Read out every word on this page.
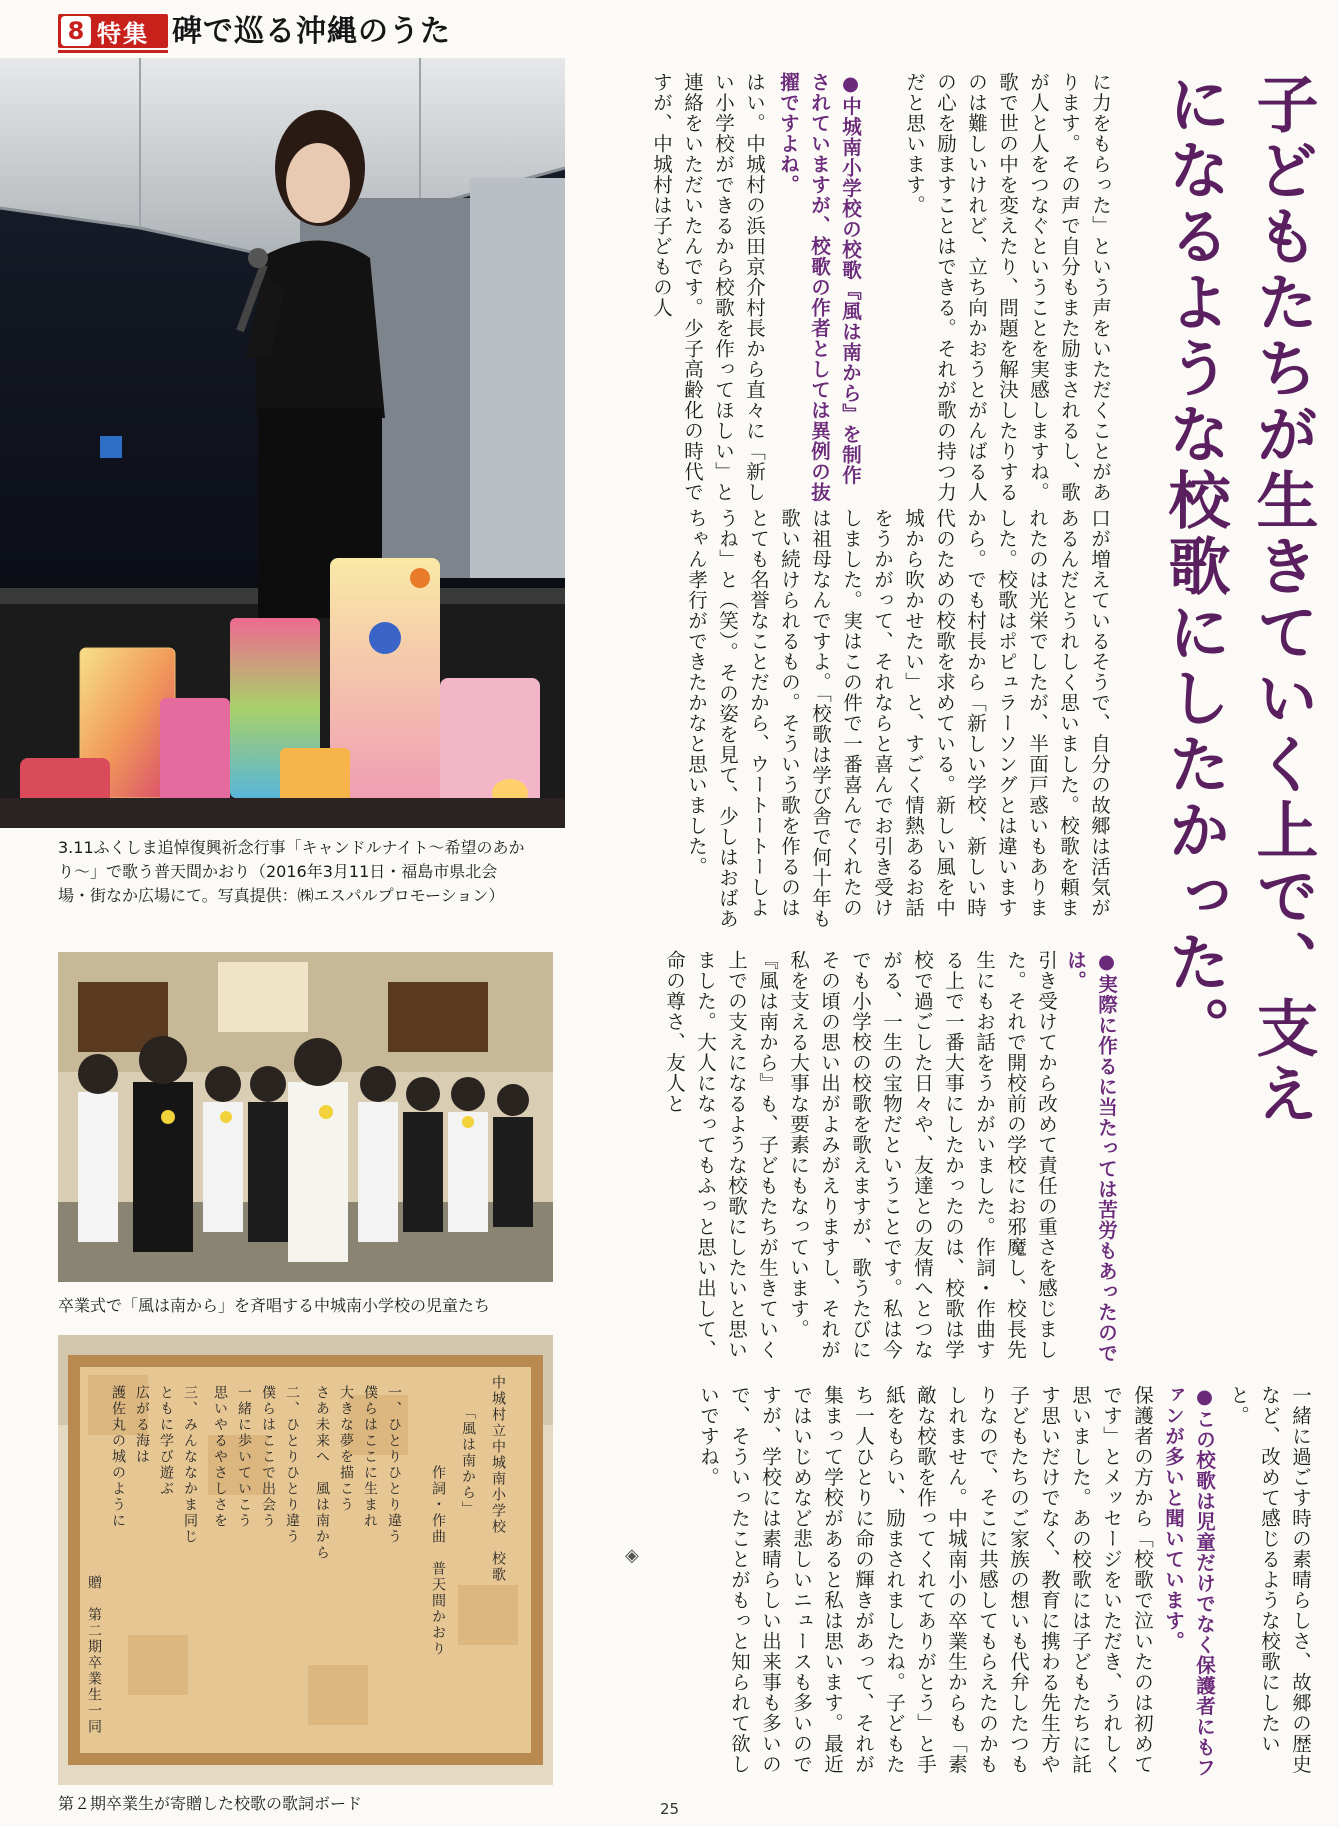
8 特集 碑で巡る沖縄のうた
3.11ふくしま追悼復興祈念行事「キャンドルナイト〜希望のあかり〜」で歌う普天間かおり（2016年3月11日・福島市県北会場・街なか広場にて。写真提供：㈱エスパルプロモーション）
卒業式で「風は南から」を斉唱する中城南小学校の児童たち
中城村立中城南小学校　校歌
「風は南から」
作詞・作曲　普天間かおり
一、ひとりひとり違う
僕らはここに生まれ
大きな夢を描こう
さあ未来へ　風は南から
二、ひとりひとり違う
僕らはここで出会う
一緒に歩いていこう
思いやるやさしさを
三、みんななかま同じ
ともに学び遊ぶ
広がる海は
護佐丸の城のように
贈　第二期卒業生一同
第２期卒業生が寄贈した校歌の歌詞ボード
子どもたちが生きていく上で、支えになるような校歌にしたかった。
に力をもらった」という声をいただくことがあります。その声で自分もまた励まされるし、歌が人と人をつなぐということを実感しますね。歌で世の中を変えたり、問題を解決したりするのは難しいけれど、立ち向かおうとがんばる人の心を励ますことはできる。それが歌の持つ力だと思います。
●中城南小学校の校歌『風は南から』を制作されていますが、校歌の作者としては異例の抜擢ですよね。
はい。中城村の浜田京介村長から直々に「新しい小学校ができるから校歌を作ってほしい」と連絡をいただいたんです。少子高齢化の時代ですが、中城村は子どもの人
口が増えているそうで、自分の故郷は活気があるんだとうれしく思いました。校歌を頼まれたのは光栄でしたが、半面戸惑いもありました。校歌はポピュラーソングとは違いますから。でも村長から「新しい学校、新しい時代のための校歌を求めている。新しい風を中城から吹かせたい」と、すごく情熱あるお話をうかがって、それならと喜んでお引き受けしました。実はこの件で一番喜んでくれたのは祖母なんですよ。「校歌は学び舎で何十年も歌い続けられるもの。そういう歌を作るのはとても名誉なことだから、ウートートーしようね」と（笑）。その姿を見て、少しはおばあちゃん孝行ができたかなと思いました。
●実際に作るに当たっては苦労もあったのでは。
引き受けてから改めて責任の重さを感じました。それで開校前の学校にお邪魔し、校長先生にもお話をうかがいました。作詞・作曲する上で一番大事にしたかったのは、校歌は学校で過ごした日々や、友達との友情へとつながる、一生の宝物だということです。私は今でも小学校の校歌を歌えますが、歌うたびにその頃の思い出がよみがえりますし、それが私を支える大事な要素にもなっています。『風は南から』も、子どもたちが生きていく上での支えになるような校歌にしたいと思いました。大人になってもふっと思い出して、命の尊さ、友人と
一緒に過ごす時の素晴らしさ、故郷の歴史など、改めて感じるような校歌にしたいと。
●この校歌は児童だけでなく保護者にもファンが多いと聞いています。
保護者の方から「校歌で泣いたのは初めてです」とメッセージをいただき、うれしく思いました。あの校歌には子どもたちに託す思いだけでなく、教育に携わる先生方や子どもたちのご家族の想いも代弁したつもりなので、そこに共感してもらえたのかもしれません。中城南小の卒業生からも「素敵な校歌を作ってくれてありがとう」と手紙をもらい、励まされましたね。子どもたち一人ひとりに命の輝きがあって、それが集まって学校があると私は思います。最近ではいじめなど悲しいニュースも多いのですが、学校には素晴らしい出来事も多いので、そういったことがもっと知られて欲しいですね。
◈
25
